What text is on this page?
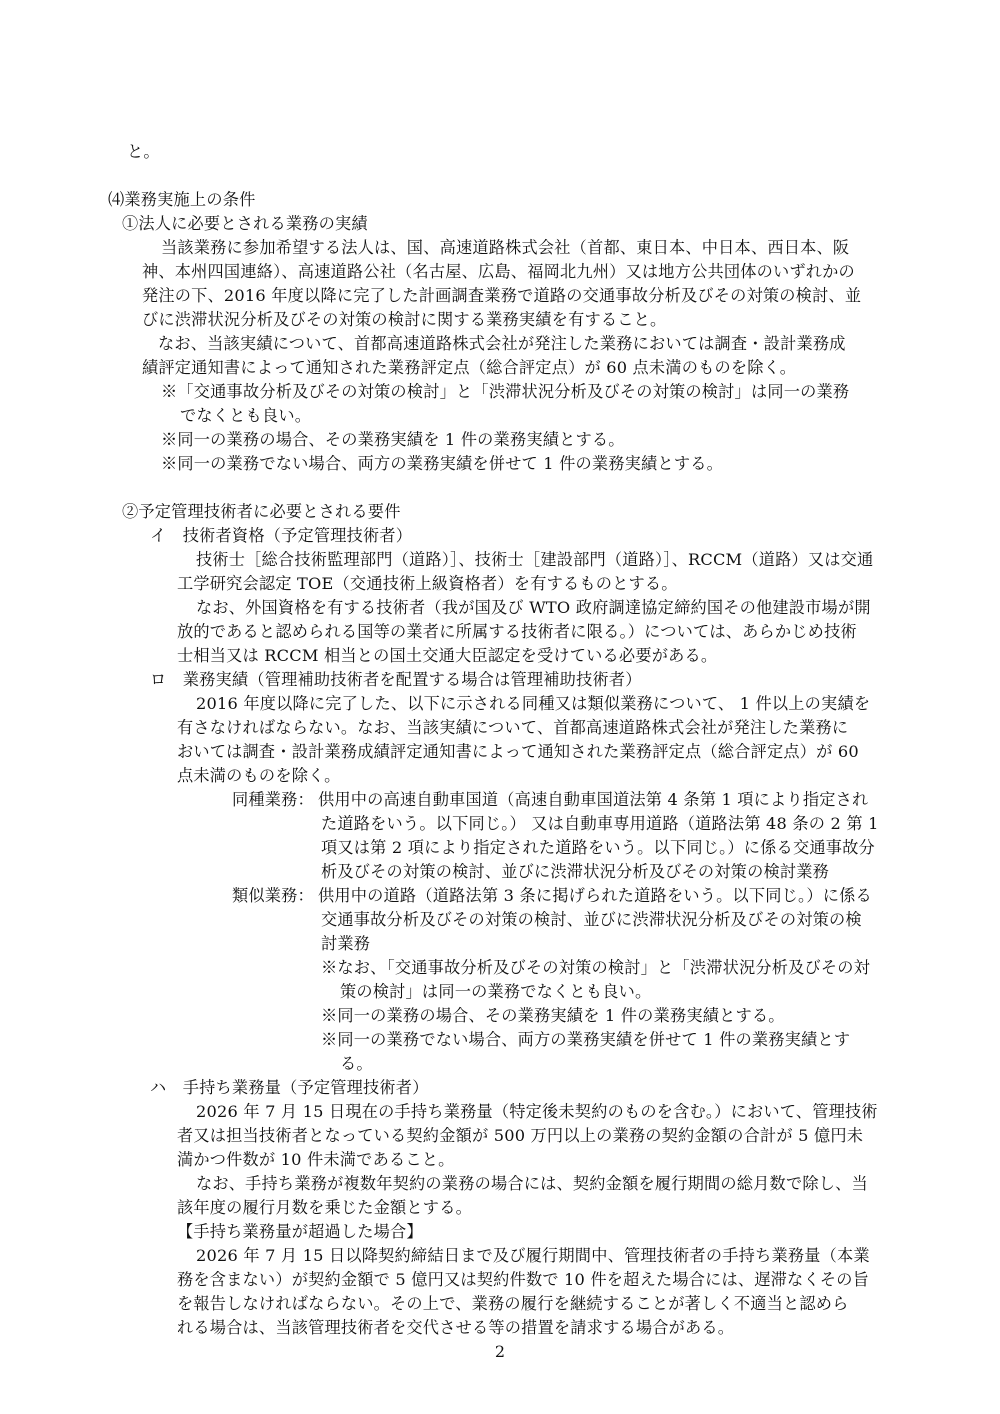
と。
⑷業務実施上の条件
①法人に必要とされる業務の実績
当該業務に参加希望する法人は、国、高速道路株式会社（首都、東日本、中日本、西日本、阪
神、本州四国連絡）、高速道路公社（名古屋、広島、福岡北九州）又は地方公共団体のいずれかの
発注の下、2016 年度以降に完了した計画調査業務で道路の交通事故分析及びその対策の検討、並
びに渋滞状況分析及びその対策の検討に関する業務実績を有すること。
なお、当該実績について、首都高速道路株式会社が発注した業務においては調査・設計業務成
績評定通知書によって通知された業務評定点（総合評定点）が 60 点未満のものを除く。
※「交通事故分析及びその対策の検討」と「渋滞状況分析及びその対策の検討」は同一の業務
でなくとも良い。
※同一の業務の場合、その業務実績を 1 件の業務実績とする。
※同一の業務でない場合、両方の業務実績を併せて 1 件の業務実績とする。
②予定管理技術者に必要とされる要件
イ　技術者資格（予定管理技術者）
技術士［総合技術監理部門（道路）］、技術士［建設部門（道路）］、RCCM（道路）又は交通
工学研究会認定 TOE（交通技術上級資格者）を有するものとする。
なお、外国資格を有する技術者（我が国及び WTO 政府調達協定締約国その他建設市場が開
放的であると認められる国等の業者に所属する技術者に限る。）については、あらかじめ技術
士相当又は RCCM 相当との国土交通大臣認定を受けている必要がある。
ロ　業務実績（管理補助技術者を配置する場合は管理補助技術者）
2016 年度以降に完了した、以下に示される同種又は類似業務について、 1 件以上の実績を
有さなければならない。なお、当該実績について、首都高速道路株式会社が発注した業務に
おいては調査・設計業務成績評定通知書によって通知された業務評定点（総合評定点）が 60
点未満のものを除く。
同種業務： 供用中の高速自動車国道（高速自動車国道法第 4 条第 1 項により指定され
た道路をいう。以下同じ。） 又は自動車専用道路（道路法第 48 条の 2 第 1
項又は第 2 項により指定された道路をいう。以下同じ。）に係る交通事故分
析及びその対策の検討、並びに渋滞状況分析及びその対策の検討業務
類似業務： 供用中の道路（道路法第 3 条に掲げられた道路をいう。以下同じ。）に係る
交通事故分析及びその対策の検討、並びに渋滞状況分析及びその対策の検
討業務
※なお、「交通事故分析及びその対策の検討」と「渋滞状況分析及びその対
策の検討」は同一の業務でなくとも良い。
※同一の業務の場合、その業務実績を 1 件の業務実績とする。
※同一の業務でない場合、両方の業務実績を併せて 1 件の業務実績とす
る。
ハ　手持ち業務量（予定管理技術者）
2026 年 7 月 15 日現在の手持ち業務量（特定後未契約のものを含む。）において、管理技術
者又は担当技術者となっている契約金額が 500 万円以上の業務の契約金額の合計が 5 億円未
満かつ件数が 10 件未満であること。
なお、手持ち業務が複数年契約の業務の場合には、契約金額を履行期間の総月数で除し、当
該年度の履行月数を乗じた金額とする。
【手持ち業務量が超過した場合】
2026 年 7 月 15 日以降契約締結日まで及び履行期間中、管理技術者の手持ち業務量（本業
務を含まない）が契約金額で 5 億円又は契約件数で 10 件を超えた場合には、遅滞なくその旨
を報告しなければならない。その上で、業務の履行を継続することが著しく不適当と認めら
れる場合は、当該管理技術者を交代させる等の措置を請求する場合がある。
2
